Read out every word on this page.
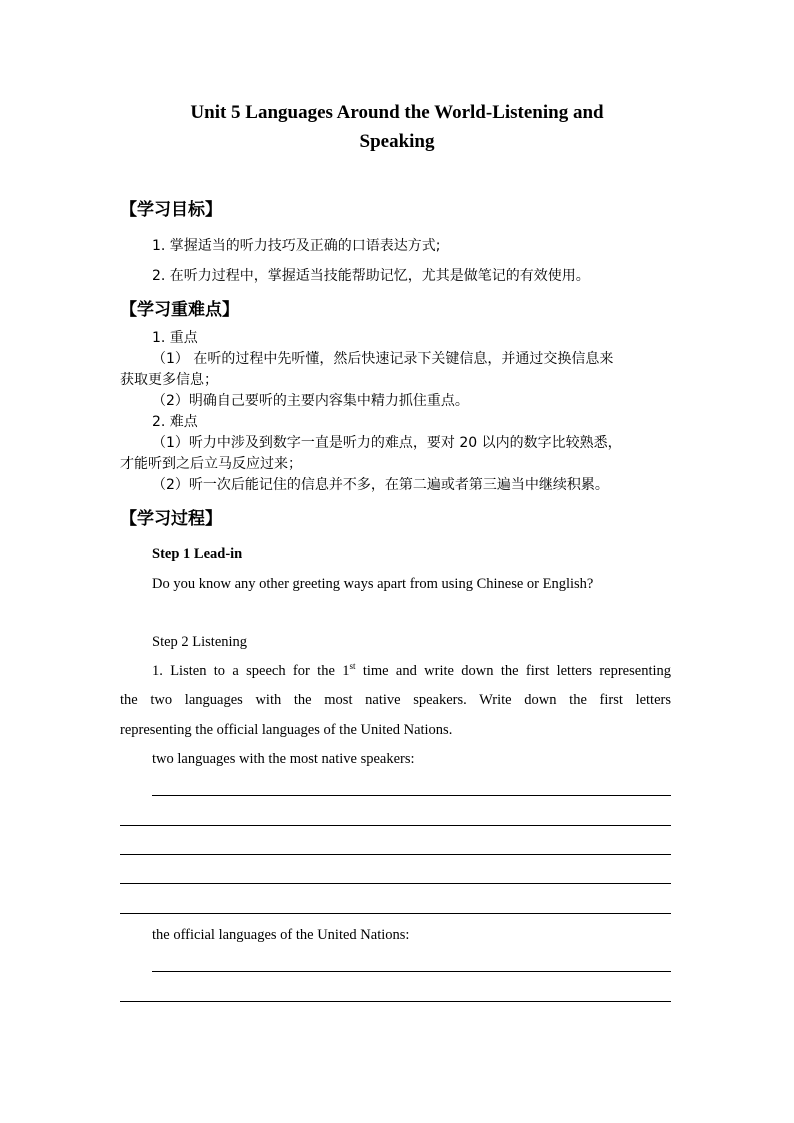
Unit 5 Languages Around the World-Listening and
Speaking
【学习目标】
1. 掌握适当的听力技巧及正确的口语表达方式;
2. 在听力过程中，掌握适当技能帮助记忆，尤其是做笔记的有效使用。
【学习重难点】
1. 重点
（1） 在听的过程中先听懂，然后快速记录下关键信息，并通过交换信息来
获取更多信息；
（2）明确自己要听的主要内容集中精力抓住重点。
2. 难点
（1）听力中涉及到数字一直是听力的难点，要对 20 以内的数字比较熟悉，
才能听到之后立马反应过来；
（2）听一次后能记住的信息并不多，在第二遍或者第三遍当中继续积累。
【学习过程】
Step 1 Lead-in
Do you know any other greeting ways apart from using Chinese or English?
Step 2 Listening
1. Listen to a speech for the 1st time and write down the first letters representing
the two languages with the most native speakers. Write down the first letters
representing the official languages of the United Nations.
two languages with the most native speakers:
the official languages of the United Nations:
